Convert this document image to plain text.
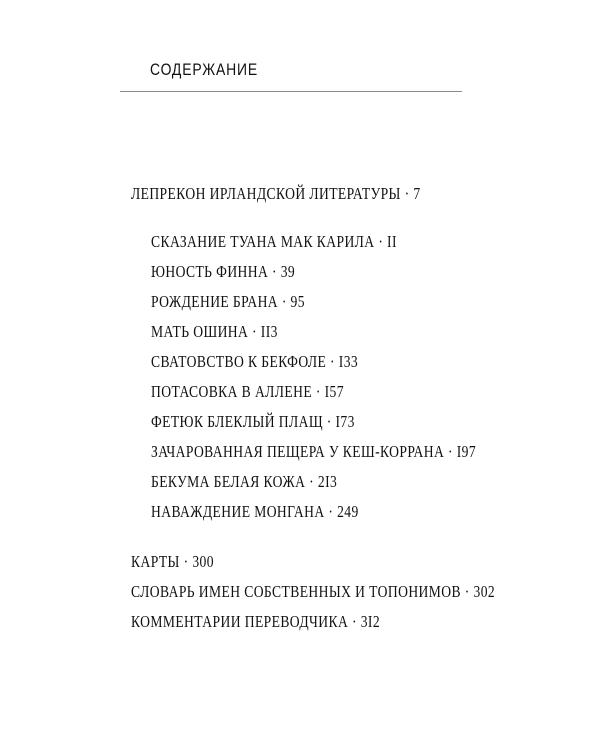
СОДЕРЖАНИЕ
ЛЕПРЕКОН ИРЛАНДСКОЙ ЛИТЕРАТУРЫ · 7
СКАЗАНИЕ ТУАНА МАК КАРИЛА · II
ЮНОСТЬ ФИННА · 39
РОЖДЕНИЕ БРАНА · 95
МАТЬ ОШИНА · II3
СВАТОВСТВО К БЕКФОЛЕ · I33
ПОТАСОВКА В АЛЛЕНЕ · I57
ФЕТЮК БЛЕКЛЫЙ ПЛАЩ · I73
ЗАЧАРОВАННАЯ ПЕЩЕРА У КЕШ-КОРРАНА · I97
БЕКУМА БЕЛАЯ КОЖА · 2I3
НАВАЖДЕНИЕ МОНГАНА · 249
КАРТЫ · 300
СЛОВАРЬ ИМЕН СОБСТВЕННЫХ И ТОПОНИМОВ · 302
КОММЕНТАРИИ ПЕРЕВОДЧИКА · 3I2
